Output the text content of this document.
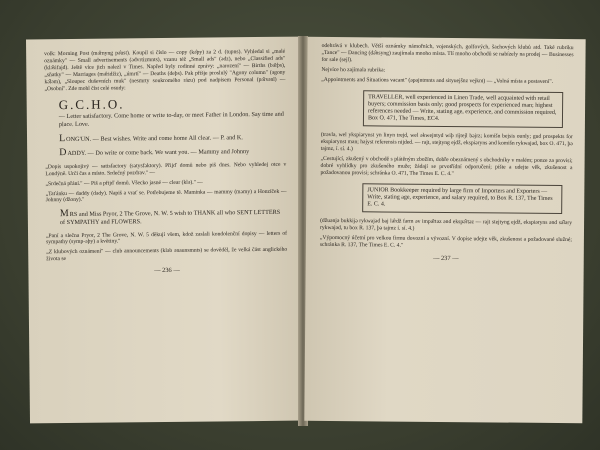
volk: Morning Post (mǝ̂rnyng pǝ̂ust). Koupil si číslo — copy (kǝ̂py) za 2 d. (tupns). Vyhledal si „malé oznámky" — Small advertisements (ǝdvrtizmnts), vzanu též „Small ads" (ǝdz), nebo „Classified ads" (klǝ̂sifajd). Ještě více jich nalezl v Times. Napřed byly rodinné zprávy: „narození" — Births (bǝ̂rþs), „sňatky" — Marriages (mǝ̂ridžiz), „úmrtí" — Deaths (deþs). Pak přišje proslulý "Agony column" (ǝgony kǝ̂lǝm), „Sloupec duševních muk" (nesmrty soukromého rázu) pod nadpisem Personal (pǝ̂rsǝnl) — „Osobní". Zde mohl číst celé osudy:

G.C.H.O.
— Letter satisfactory. Come home or write to-day, or meet Father in London. Say time and place. Love.
LONG'UN. — Best wishes. Write and come home All clear. — P. and K.
DADDY. — Do write or come back. We want you. — Mammy and Johnny

„Dopis uspokojivý — satisfactory (sǝtysfǝktory). Přijď domů nebo piš dnes. Nebo vyhledej otce v Londýně. Urči čas a místo. Srdečný pozdrav." —

„Srdečná přání." — Piš a přijď domů. Všecko jasné — clear (klǝ)." —

„Taťánku — daddy (dǝdy). Napiš a vrať se. Potřebujeme tě. Maminka — mammy (mǝmy) a Honzíček — Johnny (džony)."

MRS and Miss Pryor, 2 The Grove, N. W. 5 wish to THANK all who SENT LETTERS of SYMPATHY and FLOWERS.

„Paní a slečna Pryor, 2 The Grove, N. W. 5 děkují všem, kdož zaslali kondolenční dopisy — letters of sympathy (symp-ǝþy) a květiny."

„Z klubových oznámení" — club announcements (klǝb ǝnaunsmnts) se dověděl, že velká část anglického života se

— 236 —

odehrává v klubech. Větší oznámky námořních, vojenských, golfových, šachových klubů atd. Také rubriku „Tance" — Dancing (dǝ̂nsyng) zaujímala mnoho místa. Tlí mnoho obchodů se nabízely na prodej — Businesses for sale (sejl).

Nejvíce ho zajímala rubrika:

„Appointments and Situations vacant" (ǝpǝjntmnts and sityuejšnz vejknt) — „Volná místa a postavení".

TRAVELLER, well experienced in Linen Trade, well acquainted with retail buyers; commission basis only; good prospects for experienced man; highest references needed — Write, stating age, experience, and commission required, Box O. 471, The Times, EC4.

(trǝvlǝ, wel ykspiǝrynst yn linyn trejd, wel ǝkwejntyd wiþ rijtejl bǝjrz; komišn bejsis ounly; gud prospekts for ekspiǝrynst man; hajyst referensis nijded. — rajt, stejtyng ejdž, ekspiǝryns ǝnd komišn rykwajǝd, box O. 471, þǝ tajmz, í. sí. 4.)

„Cestující, zkušený v obchodě s plátěným zbožím, dobře obeznámený s obchodníky v malém; ponze za provisi; dobré vyhlídky pro zkušeného muže; žádají se prvotřídní odporučení; pište a udejte věk, zkušenost a požadovanou provisi; schránka O. 471, The Times E. C. 4."

JUNIOR Bookkeeper required by large firm of Importers and Exporters — Write, stating age, experience, and salary required, to Box R. 137, The Times E. C. 4.

(džuǝnjǝ bukkijǝ rykwajǝd baj lǝ̂rdž fǝrm ǝv impǝ̂rtǝz ǝnd ekspǝ̂rtǝz — rajt stejtyng ejdž, ekspiǝryns ǝnd sǝ̂lǝry rykwajǝd, tu box R. 137, þǝ tajmz í. sí. 4.)

„Výpomocný účetní pro velkou firmu dovozní a vývozní. V dopise udejte věk, zkušenost a požadované služné; schránka R. 137, The Times E. C. 4."

— 237 —
